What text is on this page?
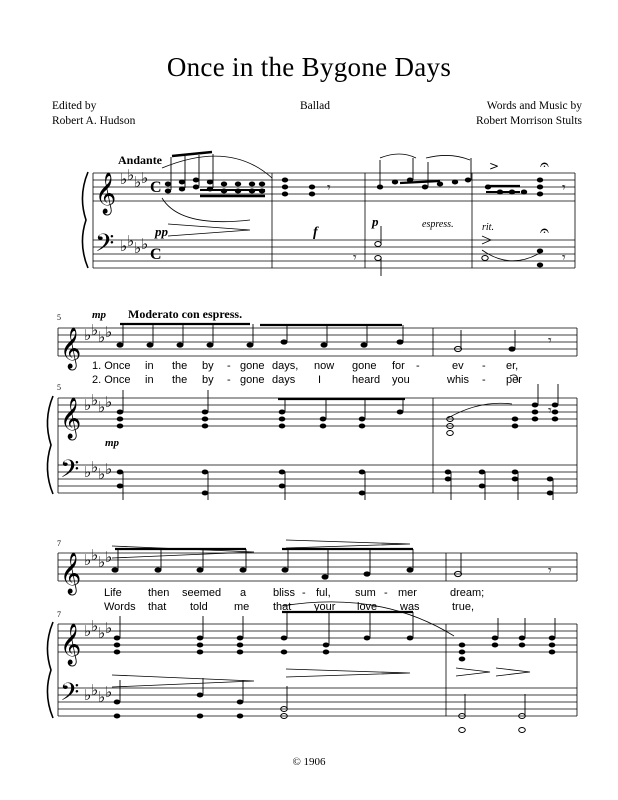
Once in the Bygone Days
Edited by
Robert A. Hudson
Ballad	Words and Music by
Robert Morrison Stults
𝄞
𝄢
𝄞
𝄞
𝄢
𝄞
𝄞
𝄢
♭ ♭ ♭ ♭
♭ ♭ ♭ ♭
♭ ♭ ♭ ♭
♭ ♭ ♭ ♭
♭ ♭ ♭ ♭
♭ ♭ ♭ ♭
♭ ♭ ♭ ♭
♭ ♭ ♭ ♭
C
C
𝄾
𝄾
𝄾
𝄾
𝄾
𝄾
𝄾
𝄐
𝄐
>
Andante
pp	f
p	espress.	rit.
mp Moderato con espress.
mp
5
5
7
7
1. Once in the by - gone days, now gone for -	ev - er,
2. Once in the by - gone days I	heard you	whis - per
Life then seemed a bliss - ful, sum - mer	dream;
Words that told me that your love was	true,
© 1906
